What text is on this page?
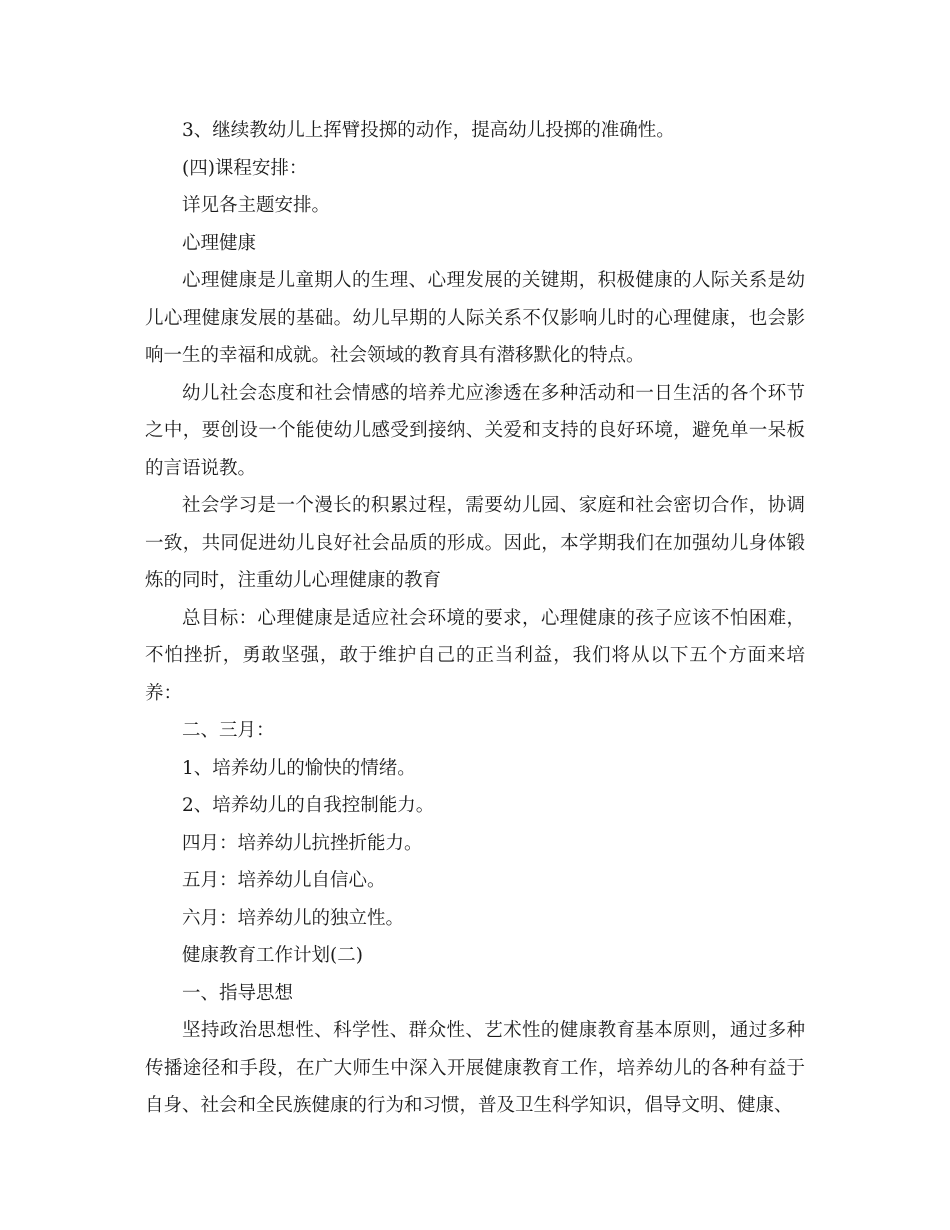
3、继续教幼儿上挥臂投掷的动作，提高幼儿投掷的准确性。

(四)课程安排：

详见各主题安排。

心理健康

心理健康是儿童期人的生理、心理发展的关键期，积极健康的人际关系是幼儿心理健康发展的基础。幼儿早期的人际关系不仅影响儿时的心理健康，也会影响一生的幸福和成就。社会领域的教育具有潜移默化的特点。

幼儿社会态度和社会情感的培养尤应渗透在多种活动和一日生活的各个环节之中，要创设一个能使幼儿感受到接纳、关爱和支持的良好环境，避免单一呆板的言语说教。

社会学习是一个漫长的积累过程，需要幼儿园、家庭和社会密切合作，协调一致，共同促进幼儿良好社会品质的形成。因此，本学期我们在加强幼儿身体锻炼的同时，注重幼儿心理健康的教育

总目标：心理健康是适应社会环境的要求，心理健康的孩子应该不怕困难，不怕挫折，勇敢坚强，敢于维护自己的正当利益，我们将从以下五个方面来培养：

二、三月：

1、培养幼儿的愉快的情绪。

2、培养幼儿的自我控制能力。

四月：培养幼儿抗挫折能力。

五月：培养幼儿自信心。

六月：培养幼儿的独立性。

健康教育工作计划(二)

一、指导思想

坚持政治思想性、科学性、群众性、艺术性的健康教育基本原则，通过多种传播途径和手段，在广大师生中深入开展健康教育工作，培养幼儿的各种有益于自身、社会和全民族健康的行为和习惯，普及卫生科学知识，倡导文明、健康、
